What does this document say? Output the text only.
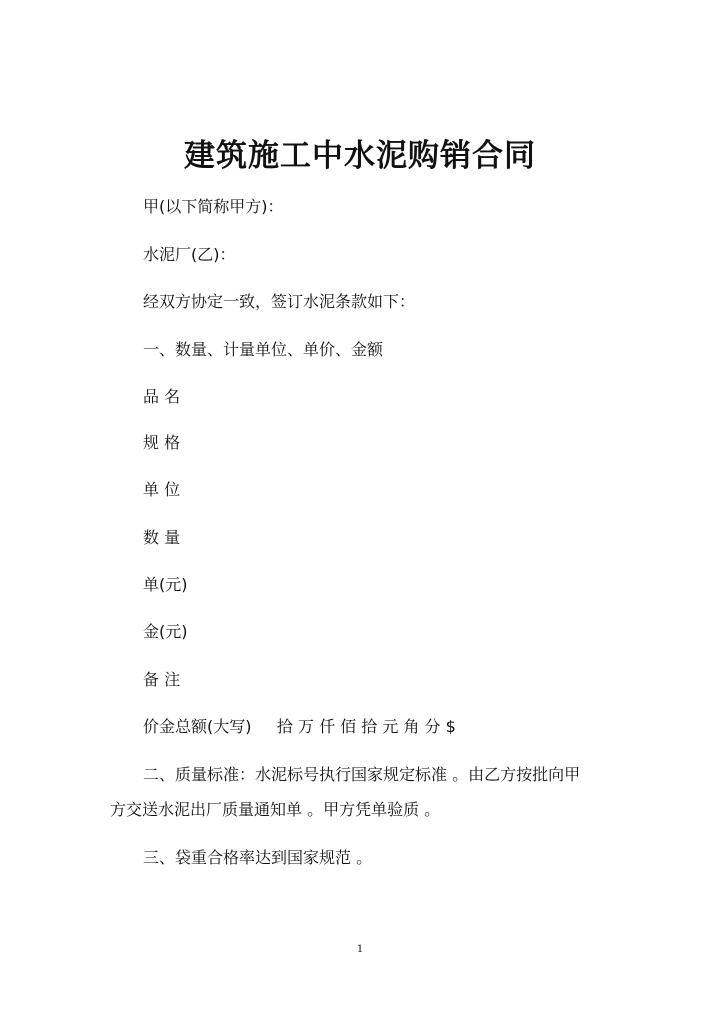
建筑施工中水泥购销合同
甲(以下简称甲方)：
水泥厂(乙)：
经双方协定一致，签订水泥条款如下：
一、数量、计量单位、单价、金额
品 名
规 格
单 位
数 量
单(元)
金(元)
备 注
价金总额(大写)     拾 万 仟 佰 拾 元 角 分 $
二、质量标准：水泥标号执行国家规定标准 。由乙方按批向甲
方交送水泥出厂质量通知单 。甲方凭单验质 。
三、袋重合格率达到国家规范 。
1
